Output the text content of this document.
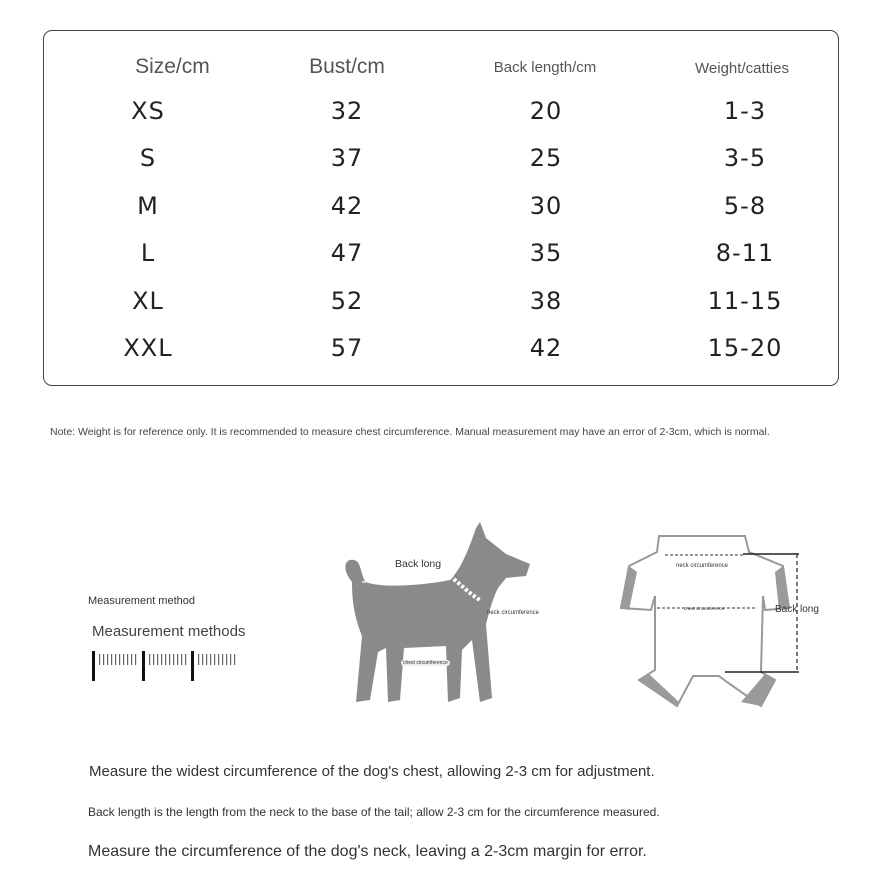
Size/cm	Bust/cm	Back length/cm	Weight/catties
XS	32	20	1-3
S	37	25	3-5
M	42	30	5-8
L	47	35	8-11
XL	52	38	11-15
XXL	57	42	15-20
Note: Weight is for reference only. It is recommended to measure chest circumference. Manual measurement may have an error of 2-3cm, which is normal.
Measurement method
Measurement methods
Back long
neck circumference
chest circumference
neck circumference
chest circumference	Back long
Measure the widest circumference of the dog's chest, allowing 2-3 cm for adjustment.
Back length is the length from the neck to the base of the tail; allow 2-3 cm for the circumference measured.
Measure the circumference of the dog's neck, leaving a 2-3cm margin for error.
